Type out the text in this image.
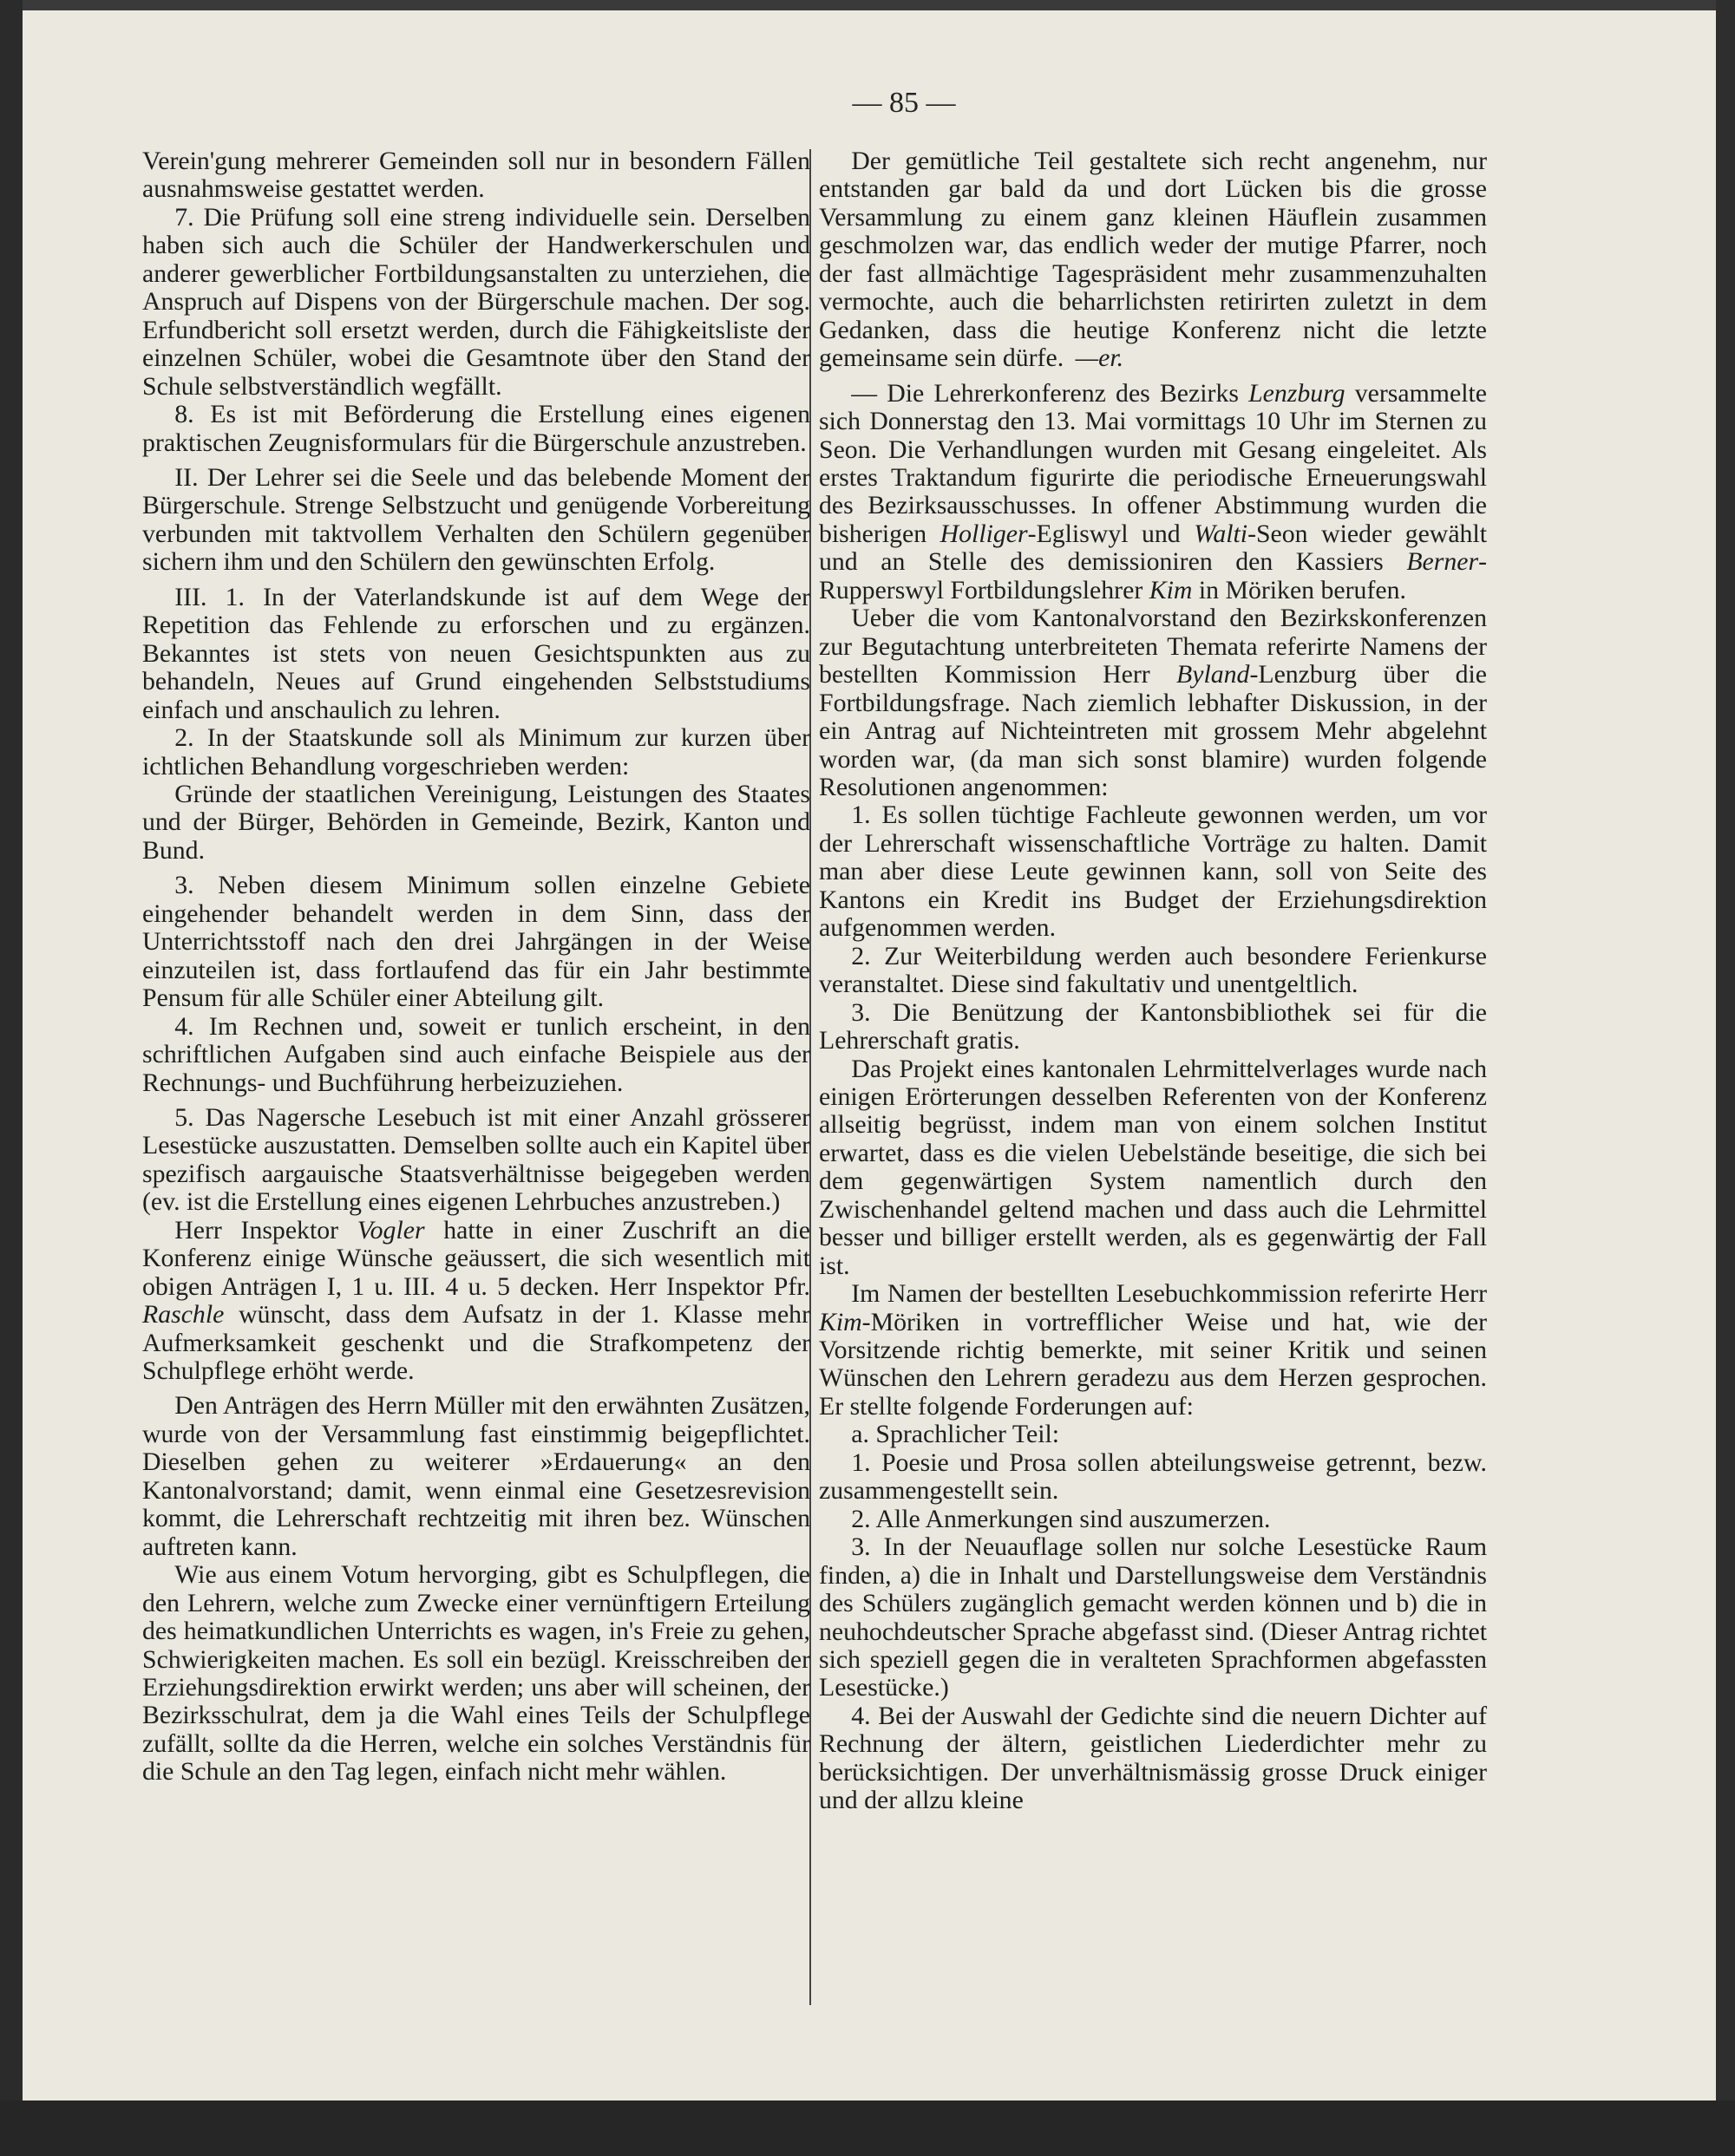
— 85 —

Verein'gung mehrerer Gemeinden soll nur in besondern Fällen ausnahmsweise gestattet werden.

7. Die Prüfung soll eine streng individuelle sein. Derselben haben sich auch die Schüler der Handwerkerschulen und anderer gewerblicher Fortbildungsanstalten zu unterziehen, die Anspruch auf Dispens von der Bürgerschule machen. Der sog. Erfundbericht soll ersetzt werden, durch die Fähigkeitsliste der einzelnen Schüler, wobei die Gesamtnote über den Stand der Schule selbstverständlich wegfällt.

8. Es ist mit Beförderung die Erstellung eines eigenen praktischen Zeugnisformulars für die Bürgerschule anzustreben.

II. Der Lehrer sei die Seele und das belebende Moment der Bürgerschule. Strenge Selbstzucht und genügende Vorbereitung verbunden mit taktvollem Verhalten den Schülern gegenüber sichern ihm und den Schülern den gewünschten Erfolg.

III. 1. In der Vaterlandskunde ist auf dem Wege der Repetition das Fehlende zu erforschen und zu ergänzen. Bekanntes ist stets von neuen Gesichtspunkten aus zu behandeln, Neues auf Grund eingehenden Selbststudiums einfach und anschaulich zu lehren.

2. In der Staatskunde soll als Minimum zur kurzen über ichtlichen Behandlung vorgeschrieben werden:

Gründe der staatlichen Vereinigung, Leistungen des Staates und der Bürger, Behörden in Gemeinde, Bezirk, Kanton und Bund.

3. Neben diesem Minimum sollen einzelne Gebiete eingehender behandelt werden in dem Sinn, dass der Unterrichtsstoff nach den drei Jahrgängen in der Weise einzuteilen ist, dass fortlaufend das für ein Jahr bestimmte Pensum für alle Schüler einer Abteilung gilt.

4. Im Rechnen und, soweit er tunlich erscheint, in den schriftlichen Aufgaben sind auch einfache Beispiele aus der Rechnungs- und Buchführung herbeizuziehen.

5. Das Nagersche Lesebuch ist mit einer Anzahl grösserer Lesestücke auszustatten. Demselben sollte auch ein Kapitel über spezifisch aargauische Staatsverhältnisse beigegeben werden (ev. ist die Erstellung eines eigenen Lehrbuches anzustreben.)

Herr Inspektor Vogler hatte in einer Zuschrift an die Konferenz einige Wünsche geäussert, die sich wesentlich mit obigen Anträgen I, 1 u. III. 4 u. 5 decken. Herr Inspektor Pfr. Raschle wünscht, dass dem Aufsatz in der 1. Klasse mehr Aufmerksamkeit geschenkt und die Strafkompetenz der Schulpflege erhöht werde.

Den Anträgen des Herrn Müller mit den erwähnten Zusätzen, wurde von der Versammlung fast einstimmig beigepflichtet. Dieselben gehen zu weiterer »Erdauerung« an den Kantonalvorstand; damit, wenn einmal eine Gesetzesrevision kommt, die Lehrerschaft rechtzeitig mit ihren bez. Wünschen auftreten kann.

Wie aus einem Votum hervorging, gibt es Schulpflegen, die den Lehrern, welche zum Zwecke einer vernünftigern Erteilung des heimatkundlichen Unterrichts es wagen, in's Freie zu gehen, Schwierigkeiten machen. Es soll ein bezügl. Kreisschreiben der Erziehungsdirektion erwirkt werden; uns aber will scheinen, der Bezirksschulrat, dem ja die Wahl eines Teils der Schulpflege zufällt, sollte da die Herren, welche ein solches Verständnis für die Schule an den Tag legen, einfach nicht mehr wählen.

Der gemütliche Teil gestaltete sich recht angenehm, nur entstanden gar bald da und dort Lücken bis die grosse Versammlung zu einem ganz kleinen Häuflein zusammen geschmolzen war, das endlich weder der mutige Pfarrer, noch der fast allmächtige Tagespräsident mehr zusammenzuhalten vermochte, auch die beharrlichsten retirirten zuletzt in dem Gedanken, dass die heutige Konferenz nicht die letzte gemeinsame sein dürfe. —er.

— Die Lehrerkonferenz des Bezirks Lenzburg versammelte sich Donnerstag den 13. Mai vormittags 10 Uhr im Sternen zu Seon. Die Verhandlungen wurden mit Gesang eingeleitet. Als erstes Traktandum figurirte die periodische Erneuerungswahl des Bezirksausschusses. In offener Abstimmung wurden die bisherigen Holliger-Egliswyl und Walti-Seon wieder gewählt und an Stelle des demissioniren den Kassiers Berner-Rupperswyl Fortbildungslehrer Kim in Möriken berufen.

Ueber die vom Kantonalvorstand den Bezirkskonferenzen zur Begutachtung unterbreiteten Themata referirte Namens der bestellten Kommission Herr Byland-Lenzburg über die Fortbildungsfrage. Nach ziemlich lebhafter Diskussion, in der ein Antrag auf Nichteintreten mit grossem Mehr abgelehnt worden war, (da man sich sonst blamire) wurden folgende Resolutionen angenommen:

1. Es sollen tüchtige Fachleute gewonnen werden, um vor der Lehrerschaft wissenschaftliche Vorträge zu halten. Damit man aber diese Leute gewinnen kann, soll von Seite des Kantons ein Kredit ins Budget der Erziehungsdirektion aufgenommen werden.

2. Zur Weiterbildung werden auch besondere Ferienkurse veranstaltet. Diese sind fakultativ und unentgeltlich.

3. Die Benützung der Kantonsbibliothek sei für die Lehrerschaft gratis.

Das Projekt eines kantonalen Lehrmittelverlages wurde nach einigen Erörterungen desselben Referenten von der Konferenz allseitig begrüsst, indem man von einem solchen Institut erwartet, dass es die vielen Uebelstände beseitige, die sich bei dem gegenwärtigen System namentlich durch den Zwischenhandel geltend machen und dass auch die Lehrmittel besser und billiger erstellt werden, als es gegenwärtig der Fall ist.

Im Namen der bestellten Lesebuchkommission referirte Herr Kim-Möriken in vortrefflicher Weise und hat, wie der Vorsitzende richtig bemerkte, mit seiner Kritik und seinen Wünschen den Lehrern geradezu aus dem Herzen gesprochen. Er stellte folgende Forderungen auf:

a. Sprachlicher Teil:

1. Poesie und Prosa sollen abteilungsweise getrennt, bezw. zusammengestellt sein.

2. Alle Anmerkungen sind auszumerzen.

3. In der Neuauflage sollen nur solche Lesestücke Raum finden, a) die in Inhalt und Darstellungsweise dem Verständnis des Schülers zugänglich gemacht werden können und b) die in neuhochdeutscher Sprache abgefasst sind. (Dieser Antrag richtet sich speziell gegen die in veralteten Sprachformen abgefassten Lesestücke.)

4. Bei der Auswahl der Gedichte sind die neuern Dichter auf Rechnung der ältern, geistlichen Liederdichter mehr zu berücksichtigen. Der unverhältnismässig grosse Druck einiger und der allzu kleine
